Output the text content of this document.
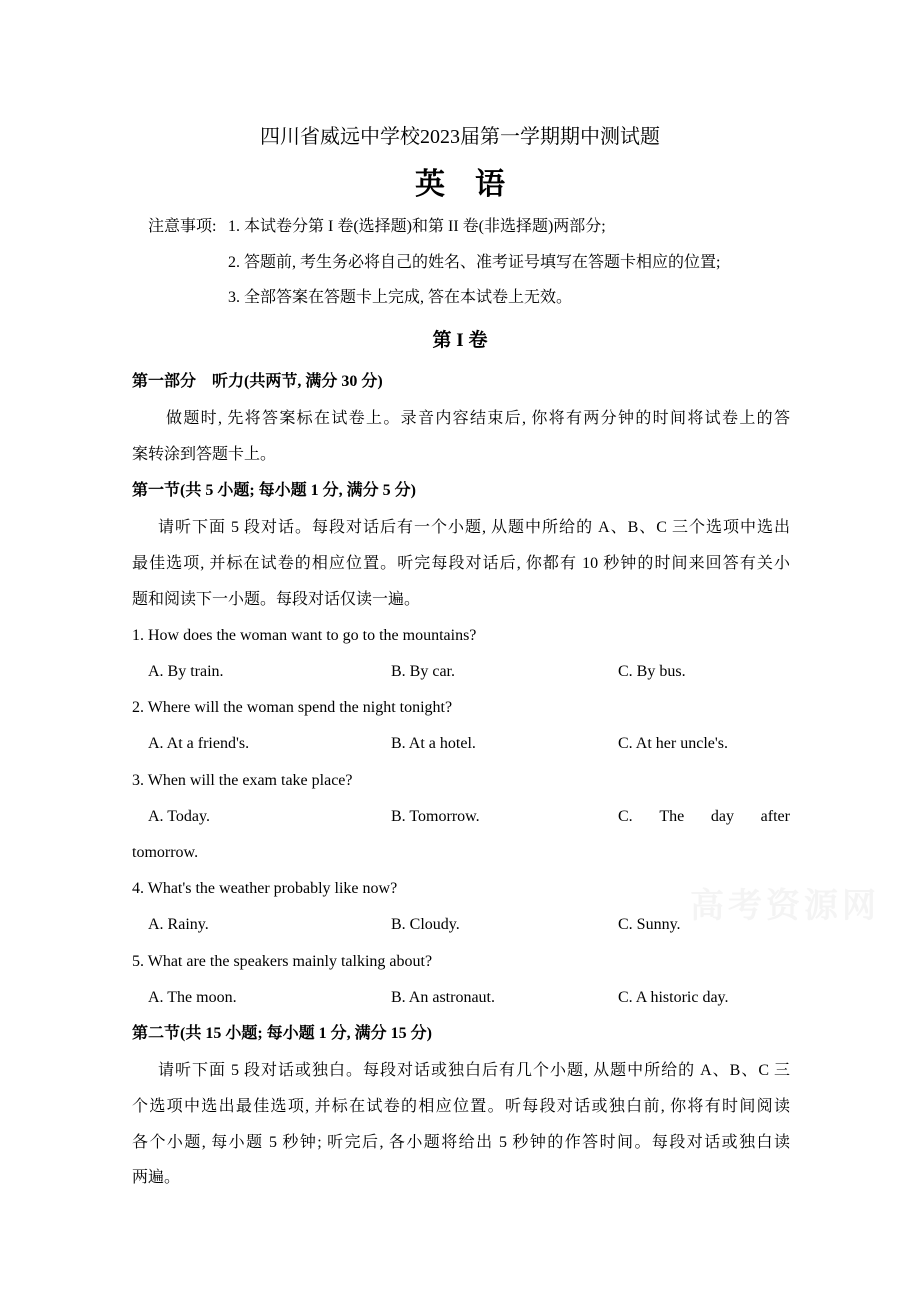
高考资源网
四川省威远中学校2023届第一学期期中测试题
英语
注意事项: 1. 本试卷分第 I 卷(选择题)和第 II 卷(非选择题)两部分;
2. 答题前, 考生务必将自己的姓名、准考证号填写在答题卡相应的位置;
3. 全部答案在答题卡上完成, 答在本试卷上无效。
第 I 卷
第一部分　听力(共两节, 满分 30 分)
做题时, 先将答案标在试卷上。录音内容结束后, 你将有两分钟的时间将试卷上的答
案转涂到答题卡上。
第一节(共 5 小题; 每小题 1 分, 满分 5 分)
请听下面 5 段对话。每段对话后有一个小题, 从题中所给的 A、B、C 三个选项中选出
最佳选项, 并标在试卷的相应位置。听完每段对话后, 你都有 10 秒钟的时间来回答有关小
题和阅读下一小题。每段对话仅读一遍。
1. How does the woman want to go to the mountains?
A. By train.	B. By car.	C. By bus.
2. Where will the woman spend the night tonight?
A. At a friend's.	B. At a hotel.	C. At her uncle's.
3. When will the exam take place?
A. Today.	B. Tomorrow.	C.　The　day　after
tomorrow.
4. What's the weather probably like now?
A. Rainy.	B. Cloudy.	C. Sunny.
5. What are the speakers mainly talking about?
A. The moon.	B. An astronaut.	C. A historic day.
第二节(共 15 小题; 每小题 1 分, 满分 15 分)
请听下面 5 段对话或独白。每段对话或独白后有几个小题, 从题中所给的 A、B、C 三
个选项中选出最佳选项, 并标在试卷的相应位置。听每段对话或独白前, 你将有时间阅读
各个小题, 每小题 5 秒钟; 听完后, 各小题将给出 5 秒钟的作答时间。每段对话或独白读
两遍。
